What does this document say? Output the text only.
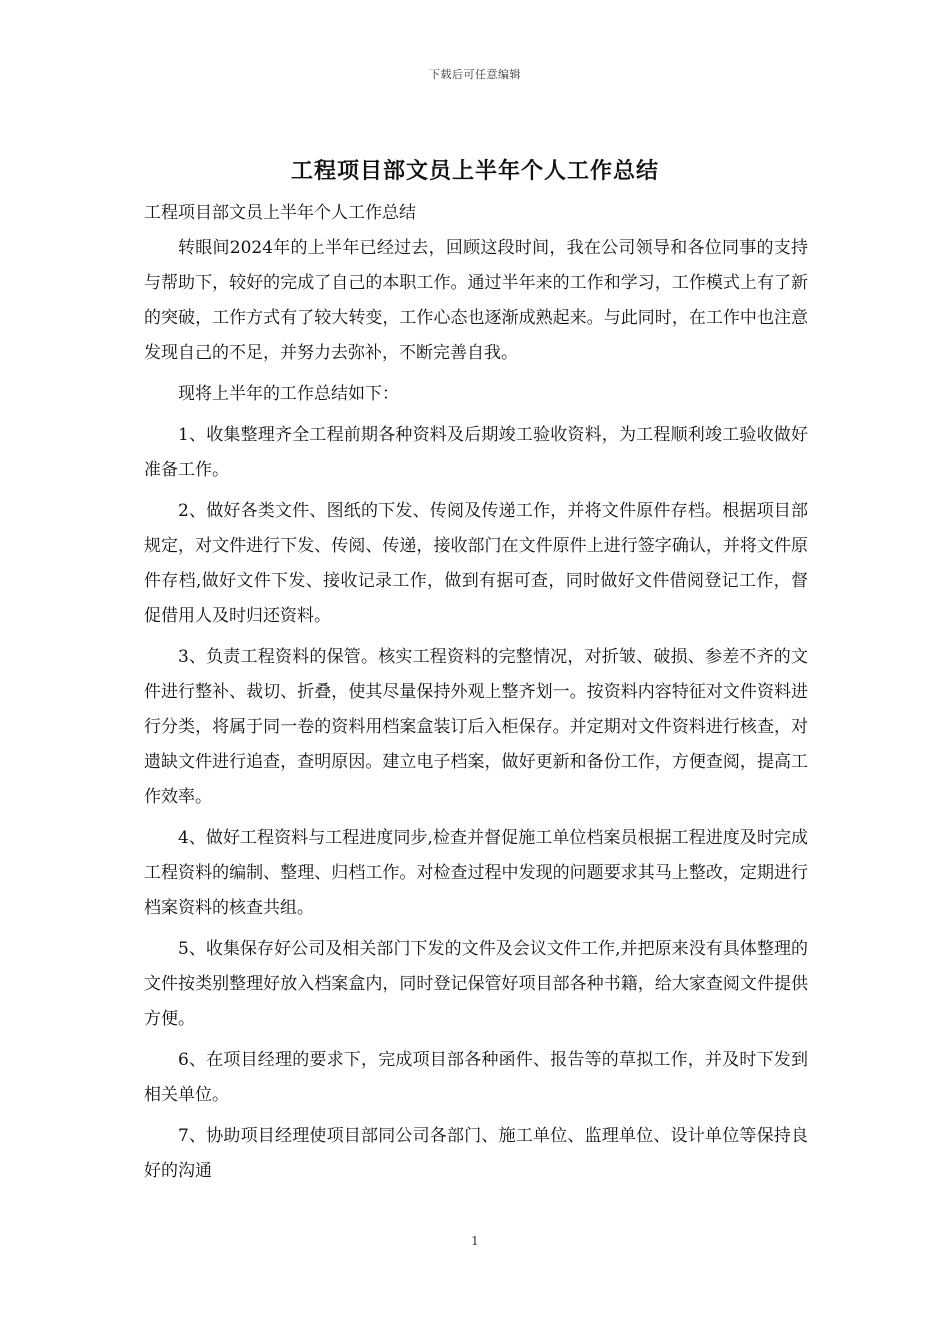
下载后可任意编辑
工程项目部文员上半年个人工作总结

工程项目部文员上半年个人工作总结

转眼间2024年的上半年已经过去，回顾这段时间，我在公司领导和各位同事的支持与帮助下，较好的完成了自己的本职工作。通过半年来的工作和学习，工作模式上有了新的突破，工作方式有了较大转变，工作心态也逐渐成熟起来。与此同时，在工作中也注意发现自己的不足，并努力去弥补，不断完善自我。

现将上半年的工作总结如下：

1、收集整理齐全工程前期各种资料及后期竣工验收资料，为工程顺利竣工验收做好准备工作。

2、做好各类文件、图纸的下发、传阅及传递工作，并将文件原件存档。根据项目部规定，对文件进行下发、传阅、传递，接收部门在文件原件上进行签字确认，并将文件原件存档,做好文件下发、接收记录工作，做到有据可查，同时做好文件借阅登记工作，督促借用人及时归还资料。

3、负责工程资料的保管。核实工程资料的完整情况，对折皱、破损、参差不齐的文件进行整补、裁切、折叠，使其尽量保持外观上整齐划一。按资料内容特征对文件资料进行分类，将属于同一卷的资料用档案盒装订后入柜保存。并定期对文件资料进行核查，对遗缺文件进行追查，查明原因。建立电子档案，做好更新和备份工作，方便查阅，提高工作效率。

4、做好工程资料与工程进度同步,检查并督促施工单位档案员根据工程进度及时完成工程资料的编制、整理、归档工作。对检查过程中发现的问题要求其马上整改，定期进行档案资料的核查共组。

5、收集保存好公司及相关部门下发的文件及会议文件工作,并把原来没有具体整理的文件按类别整理好放入档案盒内，同时登记保管好项目部各种书籍，给大家查阅文件提供方便。

6、在项目经理的要求下，完成项目部各种函件、报告等的草拟工作，并及时下发到相关单位。

7、协助项目经理使项目部同公司各部门、施工单位、监理单位、设计单位等保持良好的沟通

1
